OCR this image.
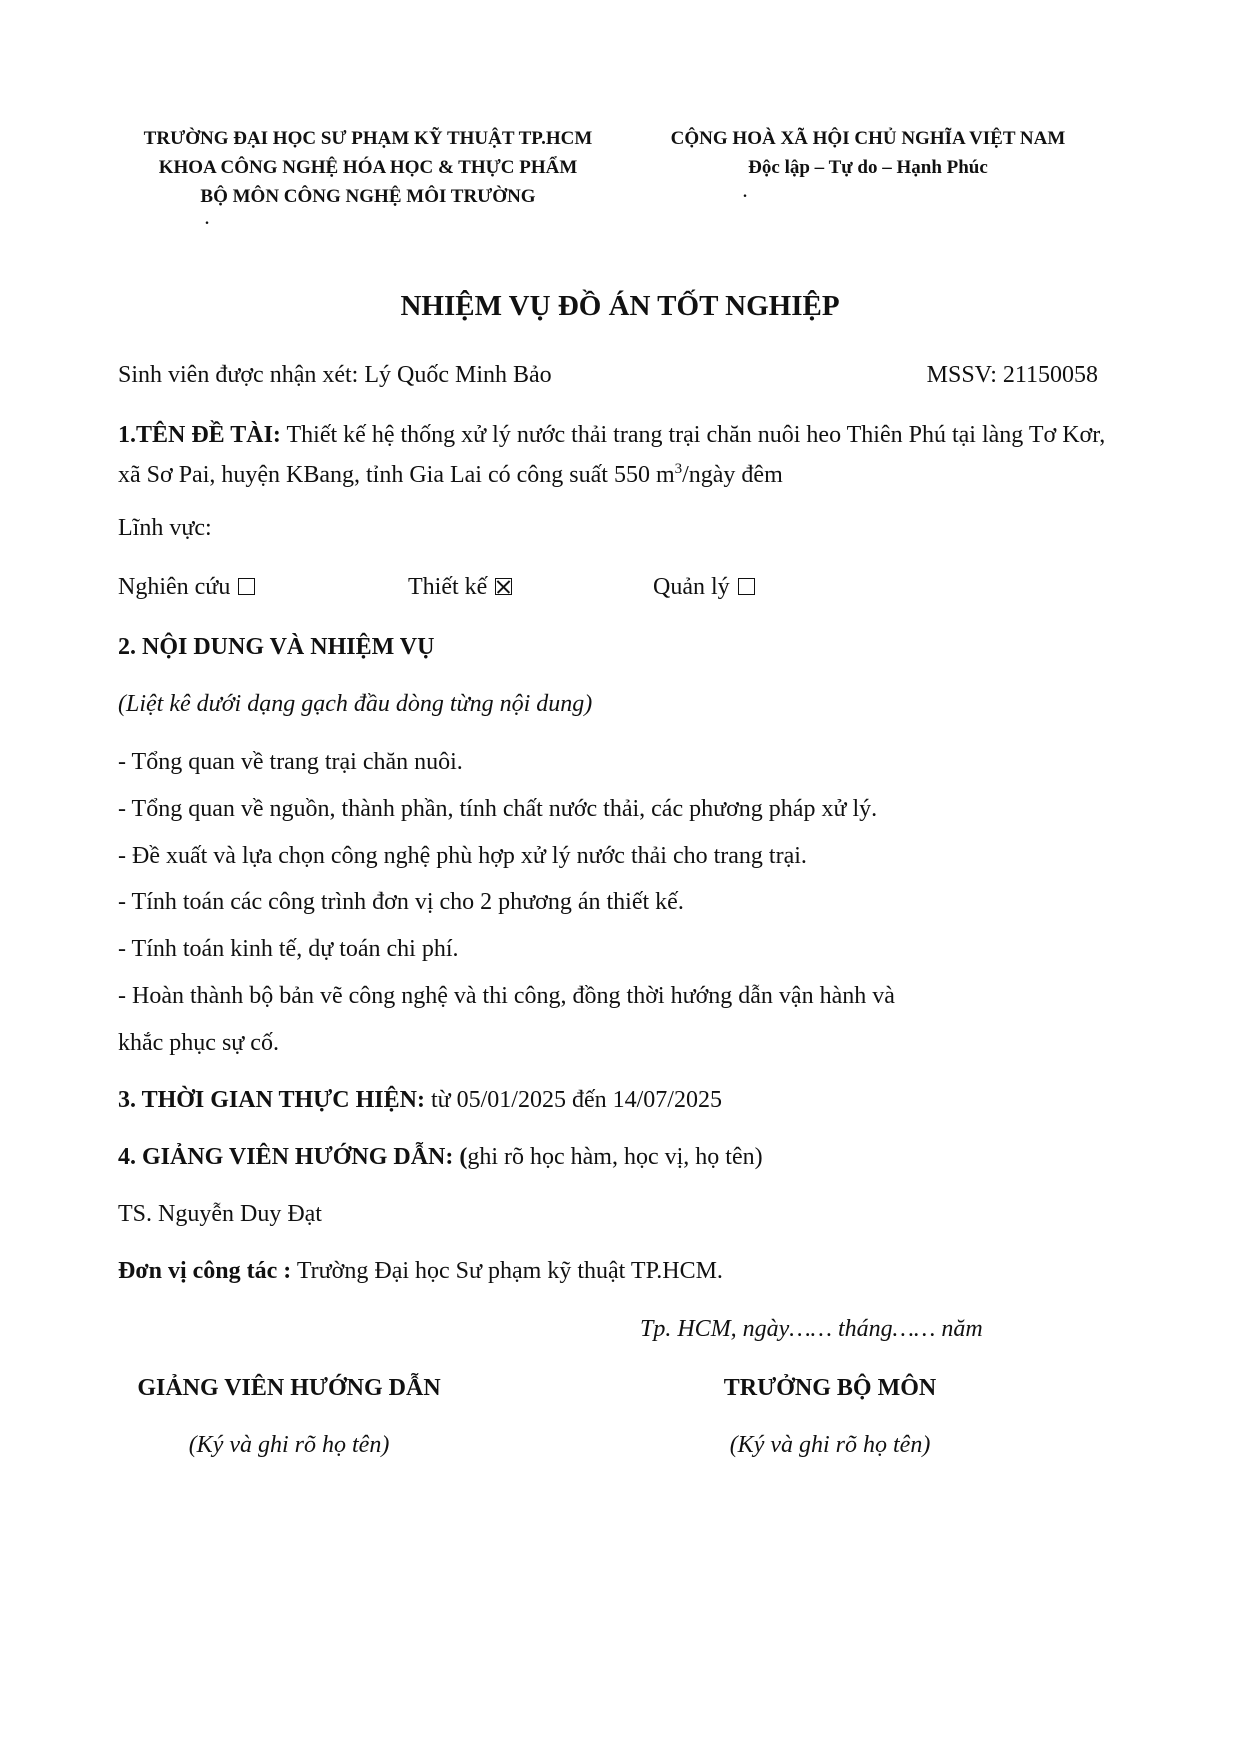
TRƯỜNG ĐẠI HỌC SƯ PHẠM KỸ THUẬT TP.HCM
KHOA CÔNG NGHỆ HÓA HỌC & THỰC PHẨM
BỘ MÔN CÔNG NGHỆ MÔI TRƯỜNG
.
CỘNG HOÀ XÃ HỘI CHỦ NGHĨA VIỆT NAM
Độc lập – Tự do – Hạnh Phúc
.
NHIỆM VỤ ĐỒ ÁN TỐT NGHIỆP
Sinh viên được nhận xét: Lý Quốc Minh Bảo	MSSV: 21150058
1.TÊN ĐỀ TÀI: Thiết kế hệ thống xử lý nước thải trang trại chăn nuôi heo Thiên Phú tại làng Tơ Kơr, xã Sơ Pai, huyện KBang, tỉnh Gia Lai có công suất 550 $m^3$/ngày đêm
Lĩnh vực:
Nghiên cứu	Thiết kế	Quản lý
2. NỘI DUNG VÀ NHIỆM VỤ
(Liệt kê dưới dạng gạch đầu dòng từng nội dung)
- Tổng quan về trang trại chăn nuôi.
- Tổng quan về nguồn, thành phần, tính chất nước thải, các phương pháp xử lý.
- Đề xuất và lựa chọn công nghệ phù hợp xử lý nước thải cho trang trại.
- Tính toán các công trình đơn vị cho 2 phương án thiết kế.
- Tính toán kinh tế, dự toán chi phí.
- Hoàn thành bộ bản vẽ công nghệ và thi công, đồng thời hướng dẫn vận hành và
khắc phục sự cố.
3. THỜI GIAN THỰC HIỆN: từ 05/01/2025 đến 14/07/2025
4. GIẢNG VIÊN HƯỚNG DẪN: (ghi rõ học hàm, học vị, họ tên)
TS. Nguyễn Duy Đạt
Đơn vị công tác : Trường Đại học Sư phạm kỹ thuật TP.HCM.
Tp. HCM, ngày…… tháng…… năm
GIẢNG VIÊN HƯỚNG DẪN
(Ký và ghi rõ họ tên)
TRƯỞNG BỘ MÔN
(Ký và ghi rõ họ tên)
